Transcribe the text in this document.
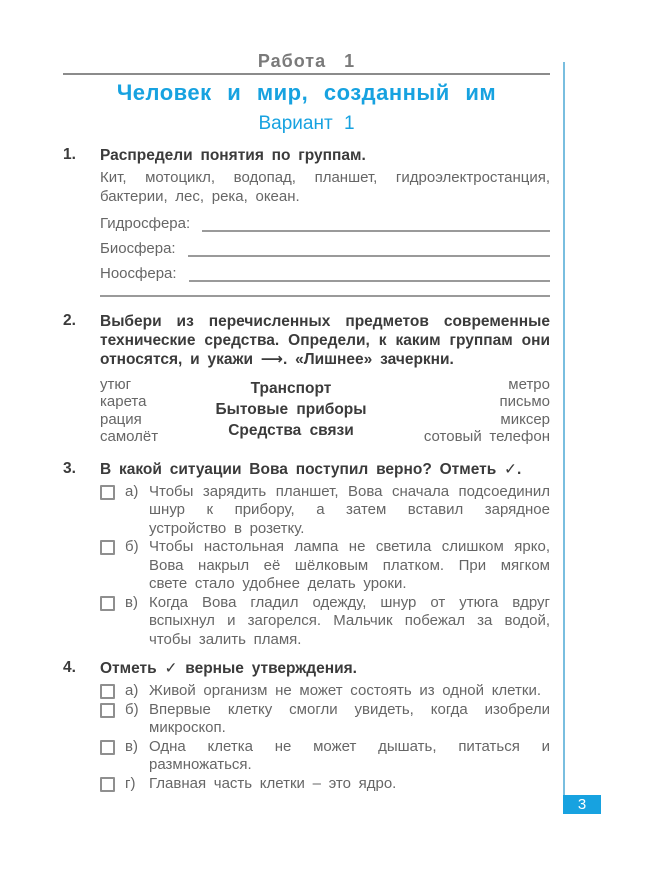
Работа 1
Человек и мир, созданный им
Вариант 1
1.	Распредели понятия по группам.
Кит, мотоцикл, водопад, планшет, гидроэлектростанция, бактерии, лес, река, океан.
Гидросфера:
Биосфера:
Ноосфера:
2.	Выбери из перечисленных предметов современные технические средства. Определи, к каким группам они относятся, и укажи ⟶. «Лишнее» зачеркни.
утюг
карета
рация
самолёт
Транспорт
Бытовые приборы
Средства связи
метро
письмо
миксер
сотовый телефон
3.	В какой ситуации Вова поступил верно? Отметь ✓.
а) Чтобы зарядить планшет, Вова сначала подсоединил шнур к прибору, а затем вставил зарядное устройство в розетку.
б) Чтобы настольная лампа не светила слишком ярко, Вова накрыл её шёлковым платком. При мягком свете стало удобнее делать уроки.
в) Когда Вова гладил одежду, шнур от утюга вдруг вспыхнул и загорелся. Мальчик побежал за водой, чтобы залить пламя.
4.	Отметь ✓ верные утверждения.
а) Живой организм не может состоять из одной клетки.
б) Впервые клетку смогли увидеть, когда изобрели микроскоп.
в) Одна клетка не может дышать, питаться и размножаться.
г) Главная часть клетки – это ядро.
3
